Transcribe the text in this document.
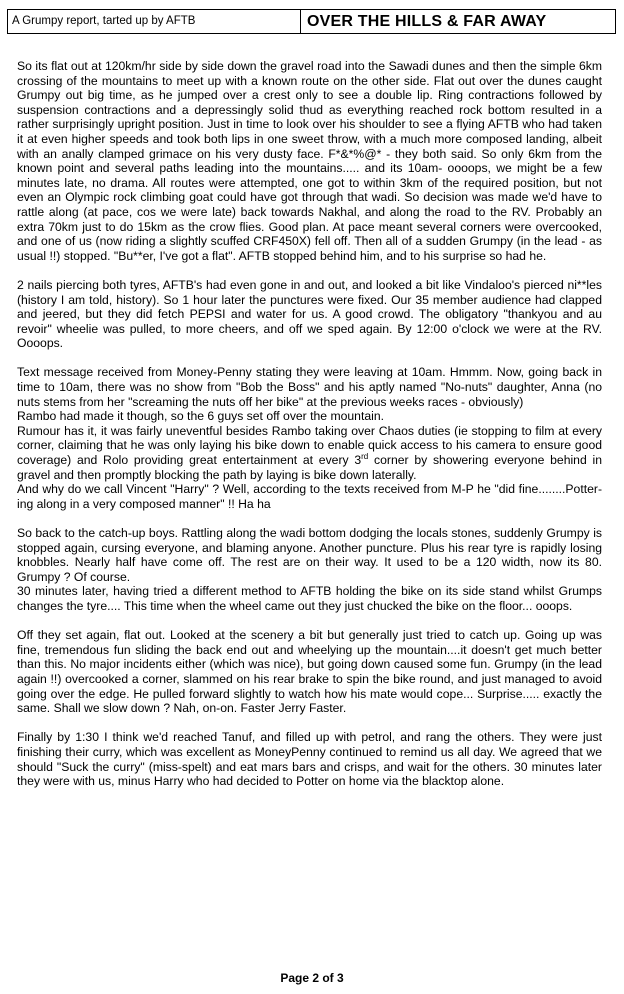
A Grumpy report, tarted up by AFTB	OVER THE HILLS & FAR AWAY

So its flat out at 120km/hr side by side down the gravel road into the Sawadi dunes and then the simple 6km crossing of the mountains to meet up with a known route on the other side. Flat out over the dunes caught Grumpy out big time, as he jumped over a crest only to see a double lip. Ring contractions followed by suspension contractions and a depressingly solid thud as everything reached rock bottom resulted in a rather surprisingly upright position. Just in time to look over his shoulder to see a flying AFTB who had taken it at even higher speeds and took both lips in one sweet throw, with a much more composed landing, albeit with an anally clamped grimace on his very dusty face. F*&*%@* - they both said. So only 6km from the known point and several paths leading into the mountains..... and its 10am- oooops, we might be a few minutes late, no drama. All routes were attempted, one got to within 3km of the required position, but not even an Olympic rock climbing goat could have got through that wadi. So decision was made we'd have to rattle along (at pace, cos we were late) back towards Nakhal, and along the road to the RV. Probably an extra 70km just to do 15km as the crow flies. Good plan. At pace meant several corners were overcooked, and one of us (now riding a slightly scuffed CRF450X) fell off. Then all of a sudden Grumpy (in the lead - as usual !!) stopped. "Bu**er, I've got a flat". AFTB stopped behind him, and to his surprise so had he.

2 nails piercing both tyres, AFTB's had even gone in and out, and looked a bit like Vindaloo's pierced ni**les (history I am told, history). So 1 hour later the punctures were fixed. Our 35 member audience had clapped and jeered, but they did fetch PEPSI and water for us. A good crowd. The obligatory "thankyou and au revoir" wheelie was pulled, to more cheers, and off we sped again. By 12:00 o'clock we were at the RV. Oooops.

Text message received from Money-Penny stating they were leaving at 10am. Hmmm. Now, going back in time to 10am, there was no show from "Bob the Boss" and his aptly named "No-nuts" daughter, Anna (no nuts stems from her "screaming the nuts off her bike" at the previous weeks races - obviously)

Rambo had made it though, so the 6 guys set off over the mountain.

Rumour has it, it was fairly uneventful besides Rambo taking over Chaos duties (ie stopping to film at every corner, claiming that he was only laying his bike down to enable quick access to his camera to ensure good coverage) and Rolo providing great entertainment at every 3rd corner by showering everyone behind in gravel and then promptly blocking the path by laying is bike down laterally.

And why do we call Vincent "Harry" ? Well, according to the texts received from M-P he "did fine........Potter-ing along in a very composed manner" !! Ha ha

So back to the catch-up boys. Rattling along the wadi bottom dodging the locals stones, suddenly Grumpy is stopped again, cursing everyone, and blaming anyone. Another puncture. Plus his rear tyre is rapidly losing knobbles. Nearly half have come off. The rest are on their way. It used to be a 120 width, now its 80. Grumpy ? Of course.

30 minutes later, having tried a different method to AFTB holding the bike on its side stand whilst Grumps changes the tyre.... This time when the wheel came out they just chucked the bike on the floor... ooops.

Off they set again, flat out. Looked at the scenery a bit but generally just tried to catch up. Going up was fine, tremendous fun sliding the back end out and wheelying up the mountain....it doesn't get much better than this. No major incidents either (which was nice), but going down caused some fun. Grumpy (in the lead again !!) overcooked a corner, slammed on his rear brake to spin the bike round, and just managed to avoid going over the edge. He pulled forward slightly to watch how his mate would cope... Surprise..... exactly the same. Shall we slow down ? Nah, on-on. Faster Jerry Faster.

Finally by 1:30 I think we'd reached Tanuf, and filled up with petrol, and rang the others. They were just finishing their curry, which was excellent as MoneyPenny continued to remind us all day. We agreed that we should "Suck the curry" (miss-spelt) and eat mars bars and crisps, and wait for the others. 30 minutes later they were with us, minus Harry who had decided to Potter on home via the blacktop alone.

Page 2 of 3
